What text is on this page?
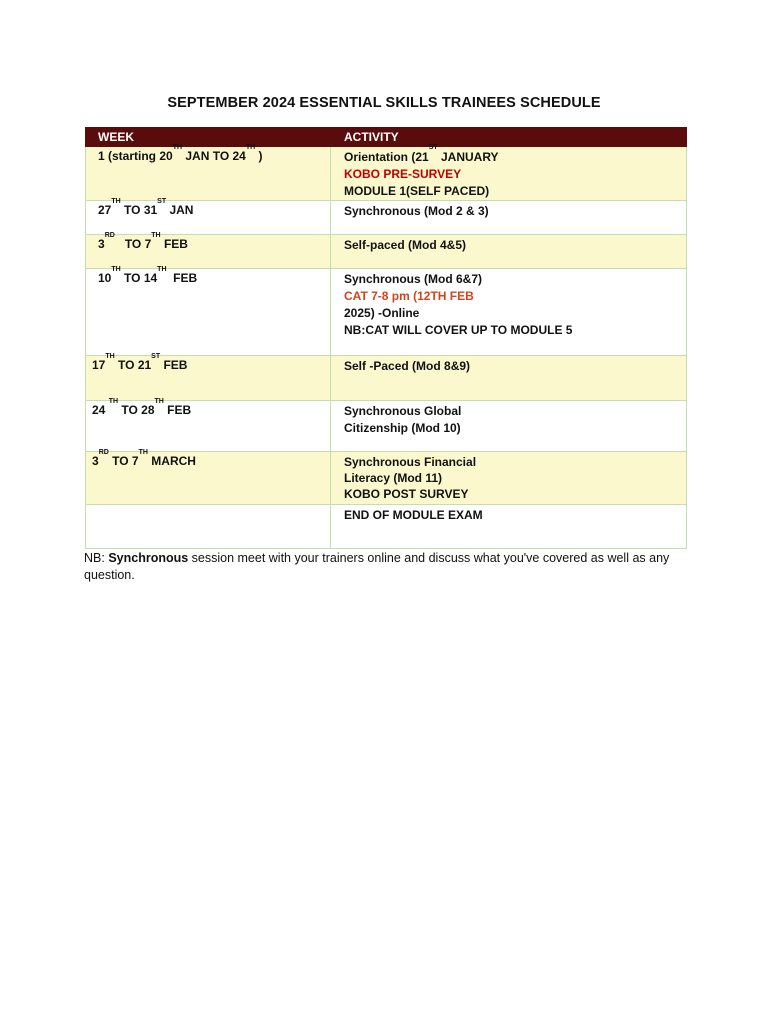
SEPTEMBER 2024 ESSENTIAL SKILLS TRAINEES SCHEDULE
WEEK	ACTIVITY
1 (starting 20TH JAN TO 24TH )	Orientation (21ST JANUARY
KOBO PRE-SURVEY
MODULE 1(SELF PACED)

27TH TO 31ST JAN	Synchronous (Mod 2 & 3)

3RD   TO 7TH FEB	Self-paced (Mod 4&5)

10TH TO 14TH  FEB	Synchronous (Mod 6&7)
CAT 7-8 pm (12TH FEB
2025) -Online
NB:CAT WILL COVER UP TO MODULE 5

17TH TO 21ST FEB	Self -Paced (Mod 8&9)

24 $^{TH}$ TO 28TH FEB	Synchronous Global
Citizenship (Mod 10)

3RD TO 7TH MARCH	Synchronous Financial
Literacy (Mod 11)
KOBO POST SURVEY

	END OF MODULE EXAM
NB: Synchronous session meet with your trainers online and discuss what you've covered as well as any question.
